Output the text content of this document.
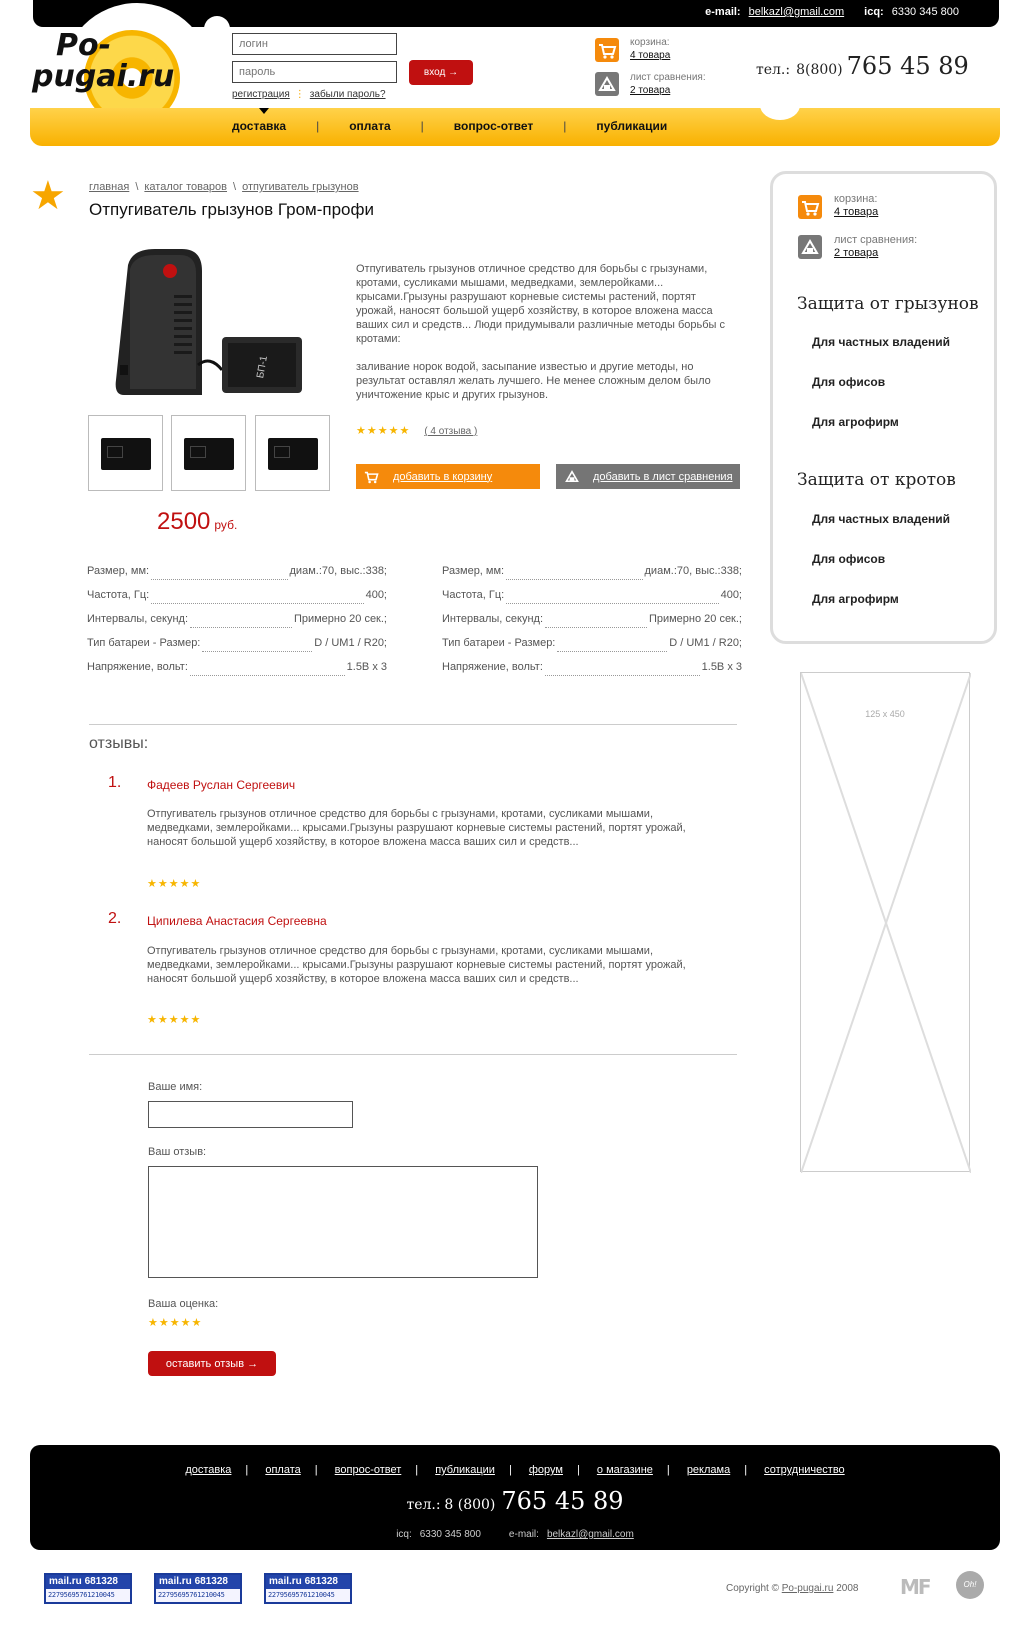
e-mail: belkazl@gmail.com icq: 6330 345 800
Po-
pugai.ru
логин	вход →
регистрация ⋮ забыли пароль?
корзина:
4 товара
лист сравнения:
2 товара
тел.: 8(800) 765 45 89
доставка	|	оплата	|	вопрос-ответ	|	публикации
★ главная \ каталог товаров \ отпугиватель грызунов
Отпугиватель грызунов Гром-профи
БП-1
2500 руб.

Отпугиватель грызунов отличное средство для борьбы с грызунами, кротами, сусликами мышами, медведками, землеройками... крысами.Грызуны разрушают корневые системы растений, портят урожай, наносят большой ущерб хозяйству, в которое вложена масса ваших сил и средств... Люди придумывали различные методы борьбы с кротами:

заливание норок водой, засыпание известью и другие методы, но результат оставлял желать лучшего. Не менее сложным делом было уничтожение крыс и других грызунов.

★★★★★ ( 4 отзыва )
добавить в корзину	добавить в лист сравнения
Размер, мм:	диам.:70, выс.:338;
Частота, Гц:	400;
Интервалы, секунд:	Примерно 20 сек.;
Тип батареи - Размер:	D / UM1 / R20;
Напряжение, вольт:	1.5В х 3
Размер, мм:	диам.:70, выс.:338;
Частота, Гц:	400;
Интервалы, секунд:	Примерно 20 сек.;
Тип батареи - Размер:	D / UM1 / R20;
Напряжение, вольт:	1.5В х 3
отзывы:
1. Фадеев Руслан Сергеевич
Отпугиватель грызунов отличное средство для борьбы с грызунами, кротами, сусликами мышами, медведками, землеройками... крысами.Грызуны разрушают корневые системы растений, портят урожай, наносят большой ущерб хозяйству, в которое вложена масса ваших сил и средств...
★★★★★
2. Ципилева Анастасия Сергеевна
Отпугиватель грызунов отличное средство для борьбы с грызунами, кротами, сусликами мышами, медведками, землеройками... крысами.Грызуны разрушают корневые системы растений, портят урожай, наносят большой ущерб хозяйству, в которое вложена масса ваших сил и средств...
★★★★★
Ваше имя:
Ваш отзыв:
Ваша оценка:
★★★★★
оставить отзыв →
корзина:
4 товара
лист сравнения:
2 товара
Защита от грызунов
Для частных владений
Для офисов
Для агрофирм
Защита от кротов
Для частных владений
Для офисов
Для агрофирм
125 x 450
доставка | оплата | вопрос-ответ | публикации | форум | о магазине | реклама | сотрудничество
тел.: 8 (800) 765 45 89
icq: 6330 345 800	e-mail: belkazl@gmail.com
mail.ru 681328
22795695761210045
mail.ru 681328
22795695761210045
mail.ru 681328
22795695761210045
Copyright © Po-pugai.ru 2008 MF	Oh!
